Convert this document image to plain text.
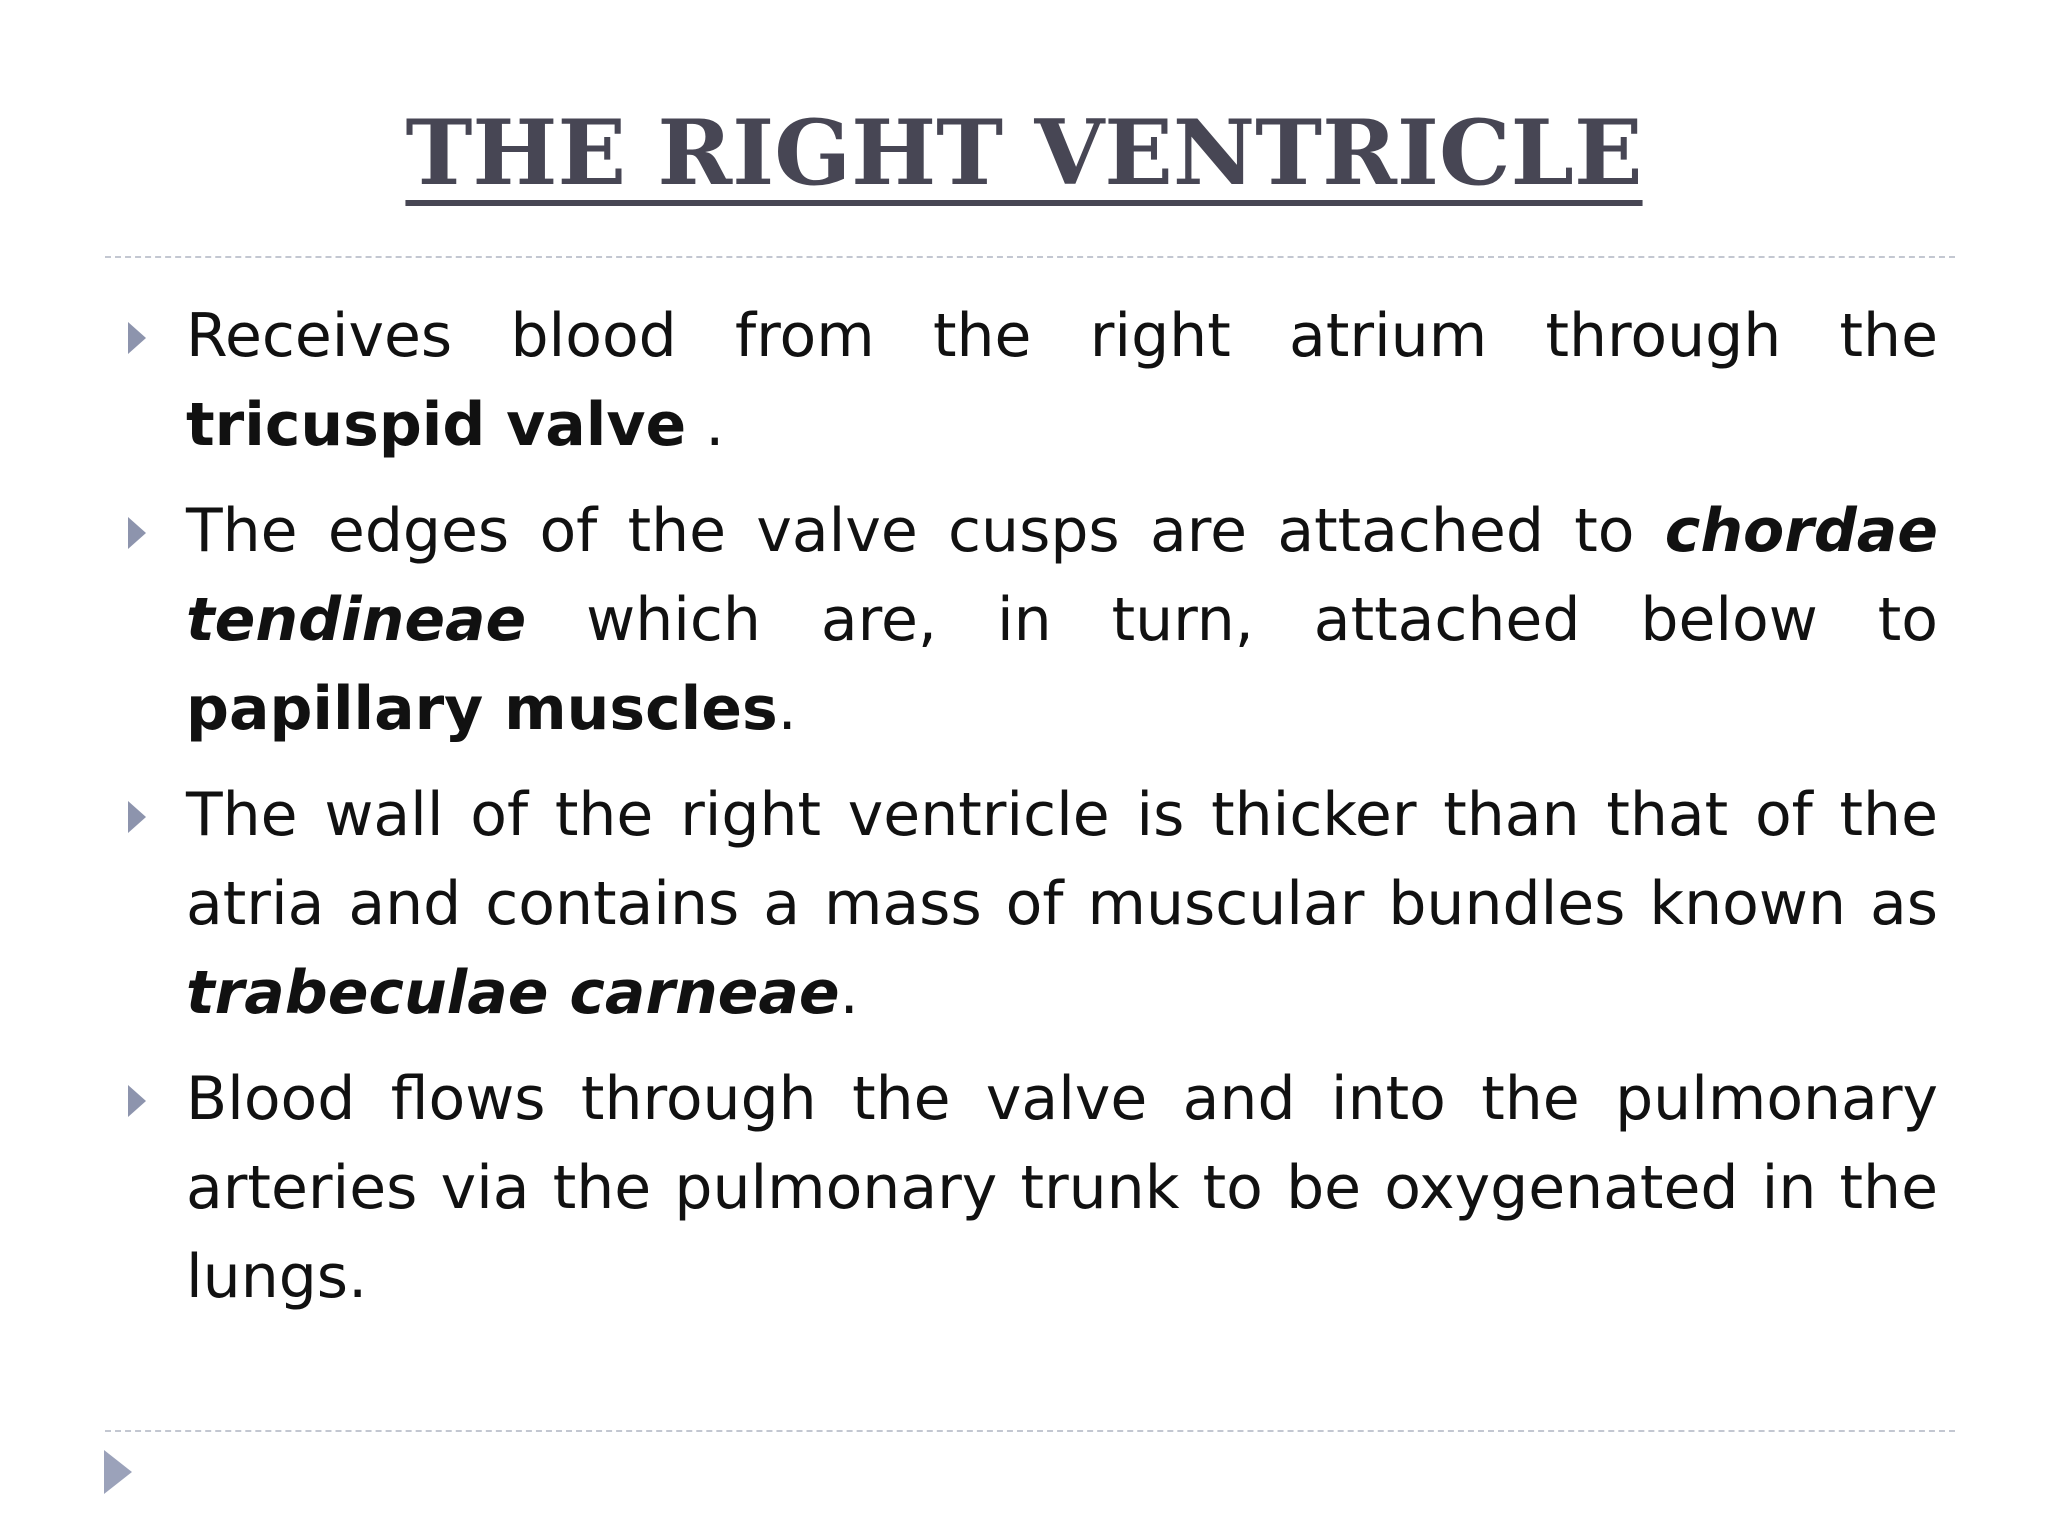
THE RIGHT VENTRICLE
Receives blood from the right atrium through the tricuspid valve .
The edges of the valve cusps are attached to chordae tendineae which are, in turn, attached below to papillary muscles.
The wall of the right ventricle is thicker than that of the atria and contains a mass of muscular bundles known as trabeculae carneae.
Blood flows through the valve and into the pulmonary arteries via the pulmonary trunk to be oxygenated in the lungs.
